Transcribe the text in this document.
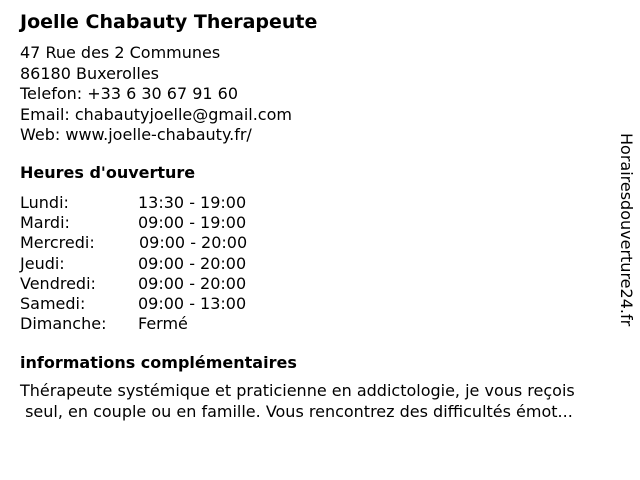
Joelle Chabauty Therapeute
47 Rue des 2 Communes
86180 Buxerolles
Telefon: +33 6 30 67 91 60
Email: chabautyjoelle@gmail.com
Web: www.joelle-chabauty.fr/
Heures d'ouverture
Lundi:	13:30 - 19:00
Mardi:	09:00 - 19:00
Mercredi:	09:00 - 20:00
Jeudi:	09:00 - 20:00
Vendredi:	09:00 - 20:00
Samedi:	09:00 - 13:00
Dimanche: Fermé
informations complémentaires
Thérapeute systémique et praticienne en addictologie, je vous reçois
seul, en couple ou en famille. Vous rencontrez des difficultés émot...
Horairesdouverture24.fr
